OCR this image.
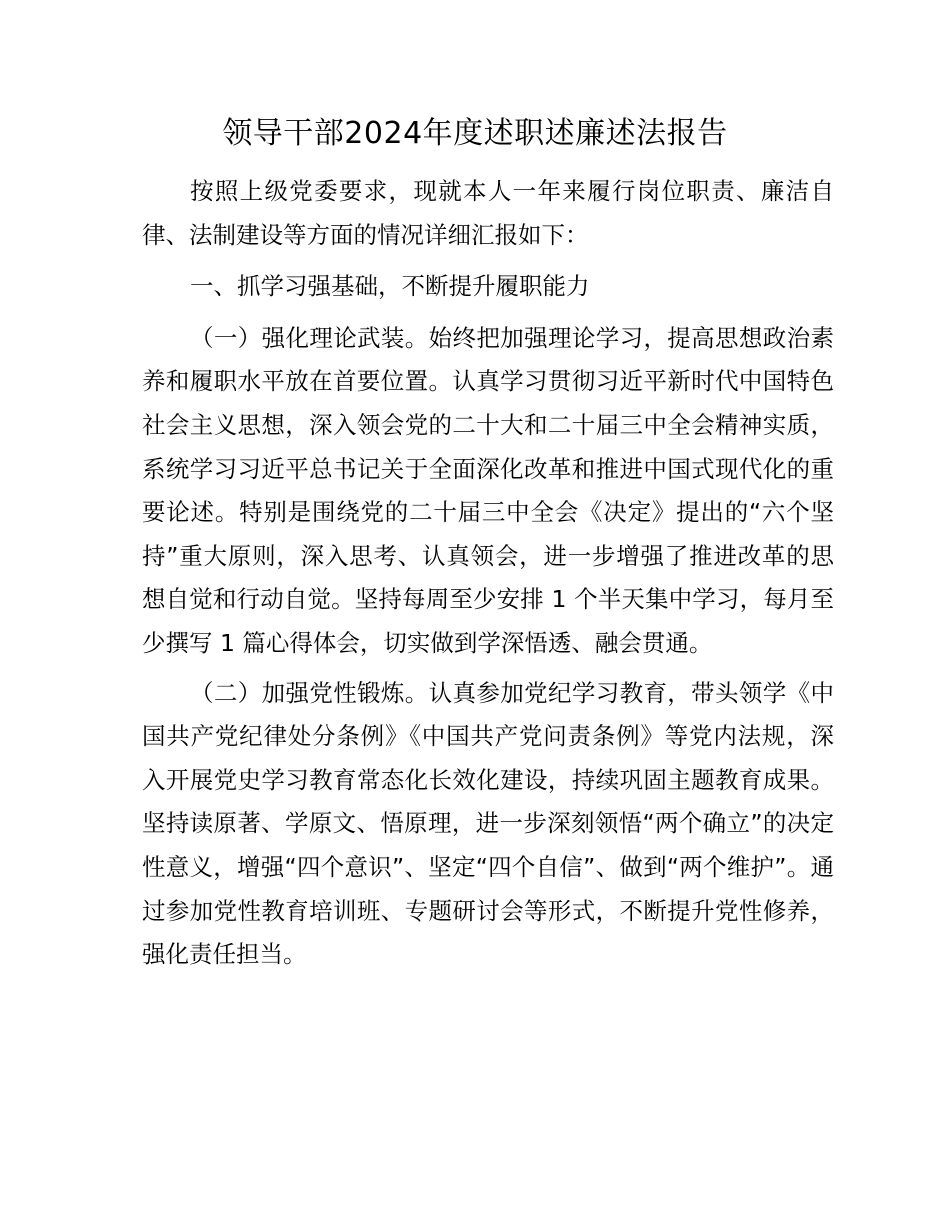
领导干部2024年度述职述廉述法报告

按照上级党委要求，现就本人一年来履行岗位职责、廉洁自律、法制建设等方面的情况详细汇报如下：

一、抓学习强基础，不断提升履职能力

（一）强化理论武装。始终把加强理论学习，提高思想政治素养和履职水平放在首要位置。认真学习贯彻习近平新时代中国特色社会主义思想，深入领会党的二十大和二十届三中全会精神实质，系统学习习近平总书记关于全面深化改革和推进中国式现代化的重要论述。特别是围绕党的二十届三中全会《决定》提出的“六个坚持”重大原则，深入思考、认真领会，进一步增强了推进改革的思想自觉和行动自觉。坚持每周至少安排 1 个半天集中学习，每月至少撰写 1 篇心得体会，切实做到学深悟透、融会贯通。

（二）加强党性锻炼。认真参加党纪学习教育，带头领学《中国共产党纪律处分条例》《中国共产党问责条例》等党内法规，深入开展党史学习教育常态化长效化建设，持续巩固主题教育成果。坚持读原著、学原文、悟原理，进一步深刻领悟“两个确立”的决定性意义，增强“四个意识”、坚定“四个自信”、做到“两个维护”。通过参加党性教育培训班、专题研讨会等形式，不断提升党性修养，强化责任担当。
